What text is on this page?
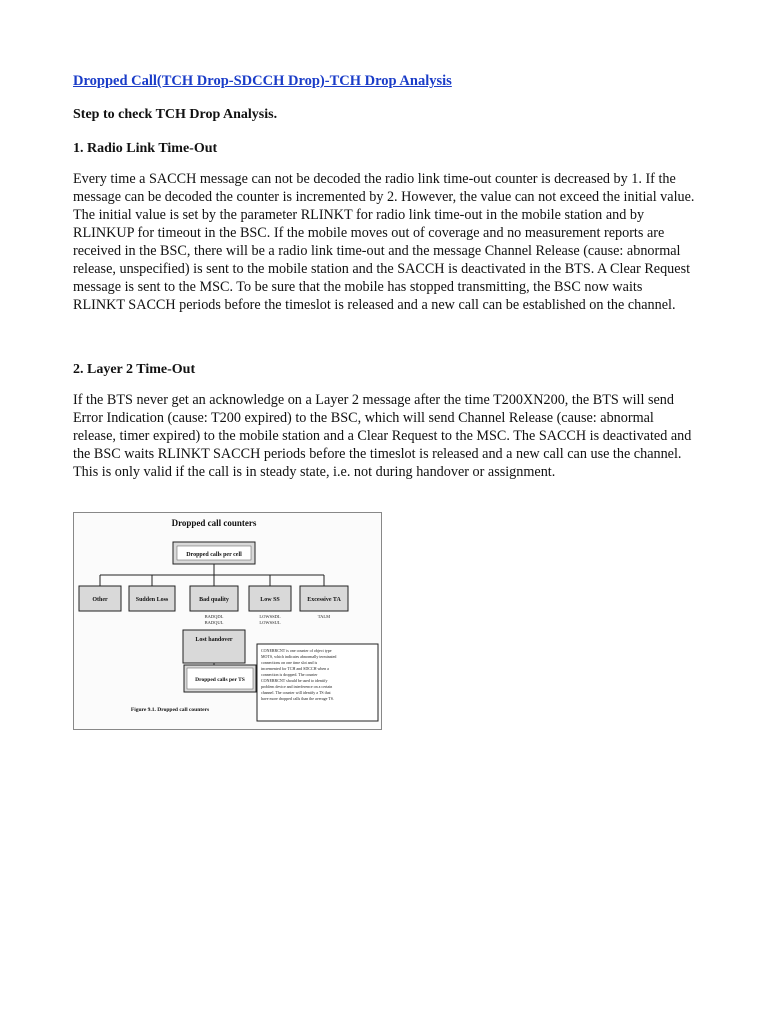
Dropped Call(TCH Drop-SDCCH Drop)-TCH Drop Analysis
Step to check TCH Drop Analysis.
1. Radio Link Time-Out
Every time a SACCH message can not be decoded the radio link time-out counter is decreased by 1. If the message can be decoded the counter is incremented by 2. However, the value can not exceed the initial value. The initial value is set by the parameter RLINKT for radio link time-out in the mobile station and by RLINKUP for timeout in the BSC. If the mobile moves out of coverage and no measurement reports are received in the BSC, there will be a radio link time-out and the message Channel Release (cause: abnormal release, unspecified) is sent to the mobile station and the SACCH is deactivated in the BTS. A Clear Request message is sent to the MSC. To be sure that the mobile has stopped transmitting, the BSC now waits RLINKT SACCH periods before the timeslot is released and a new call can be established on the channel.
2. Layer 2 Time-Out
If the BTS never get an acknowledge on a Layer 2 message after the time T200XN200, the BTS will send Error Indication (cause: T200 expired) to the BSC, which will send Channel Release (cause: abnormal release, timer expired) to the mobile station and a Clear Request to the MSC. The SACCH is deactivated and the BSC waits RLINKT SACCH periods before the timeslot is released and a new call can use the channel. This is only valid if the call is in steady state, i.e. not during handover or assignment.
Dropped call counters
Dropped calls per cell
Other	Sudden Loss	Bad quality
BADQDL
BADQUL
Low SS
LOWSSDL
LOWSSUL
Excessive TA
TALM
Lost handover
Dropped calls per TS
CONERRCNT is one counter of object type
MOTS, which indicates abnormally terminated
connections on one time slot and is
incremented for TCH and SDCCH when a
connection is dropped. The counter
CONERRCNT should be used to identify
problem device and interference on a certain
channel. The counter will identify a TS that
have more dropped calls than the average TS.
Figure 9.1. Dropped call counters
